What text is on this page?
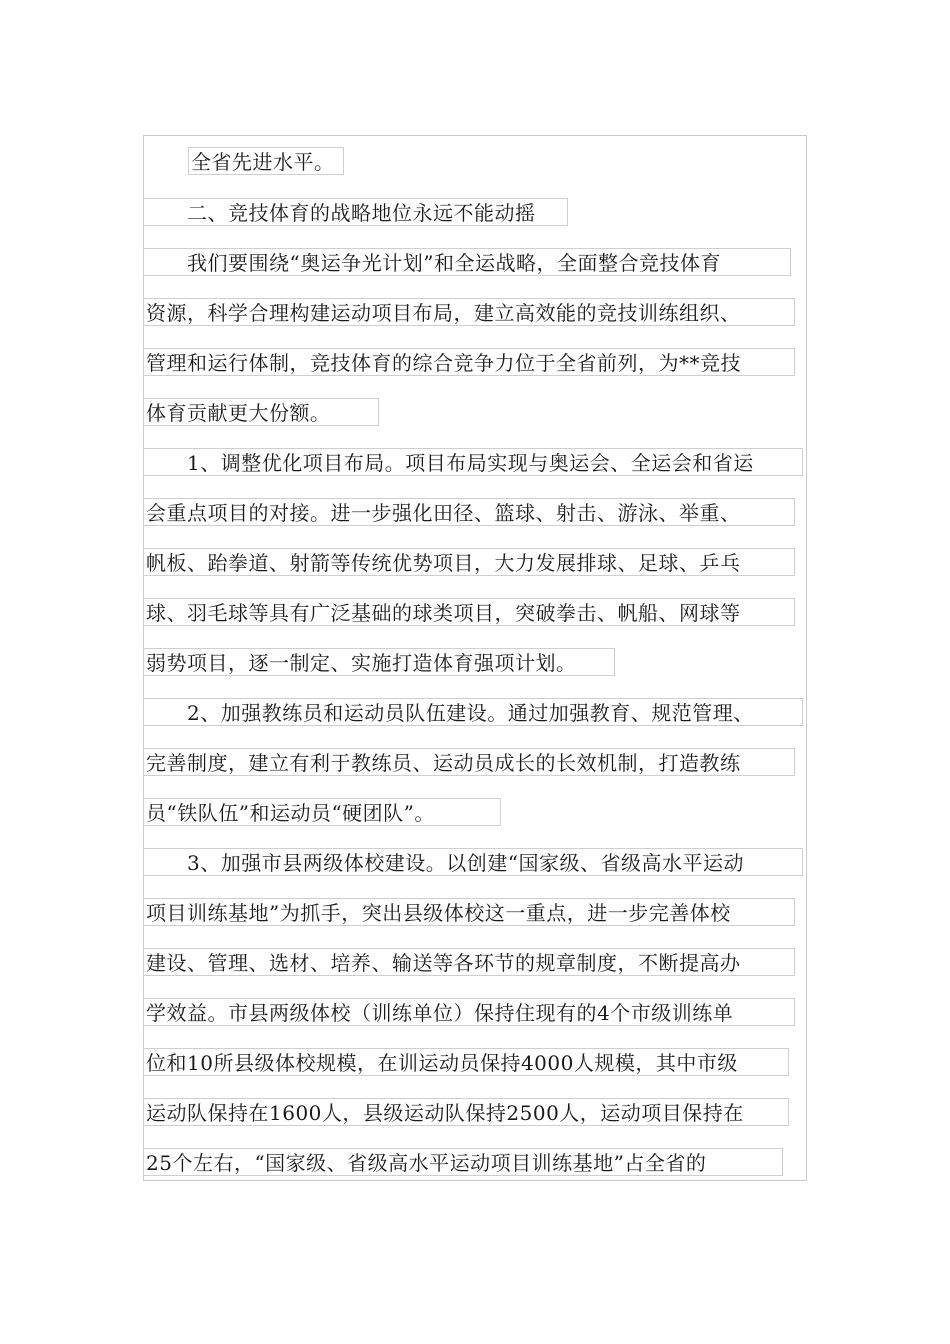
全省先进水平。
　　二、竞技体育的战略地位永远不能动摇
　　我们要围绕“奥运争光计划”和全运战略，全面整合竞技体育
资源，科学合理构建运动项目布局，建立高效能的竞技训练组织、
管理和运行体制，竞技体育的综合竞争力位于全省前列，为**竞技
体育贡献更大份额。
　　1、调整优化项目布局。项目布局实现与奥运会、全运会和省运
会重点项目的对接。进一步强化田径、篮球、射击、游泳、举重、
帆板、跆拳道、射箭等传统优势项目，大力发展排球、足球、乒乓
球、羽毛球等具有广泛基础的球类项目，突破拳击、帆船、网球等
弱势项目，逐一制定、实施打造体育强项计划。
　　2、加强教练员和运动员队伍建设。通过加强教育、规范管理、
完善制度，建立有利于教练员、运动员成长的长效机制，打造教练
员“铁队伍”和运动员“硬团队”。
　　3、加强市县两级体校建设。以创建“国家级、省级高水平运动
项目训练基地”为抓手，突出县级体校这一重点，进一步完善体校
建设、管理、选材、培养、输送等各环节的规章制度，不断提高办
学效益。市县两级体校（训练单位）保持住现有的4个市级训练单
位和10所县级体校规模，在训运动员保持4000人规模，其中市级
运动队保持在1600人，县级运动队保持2500人，运动项目保持在
25个左右，“国家级、省级高水平运动项目训练基地”占全省的
